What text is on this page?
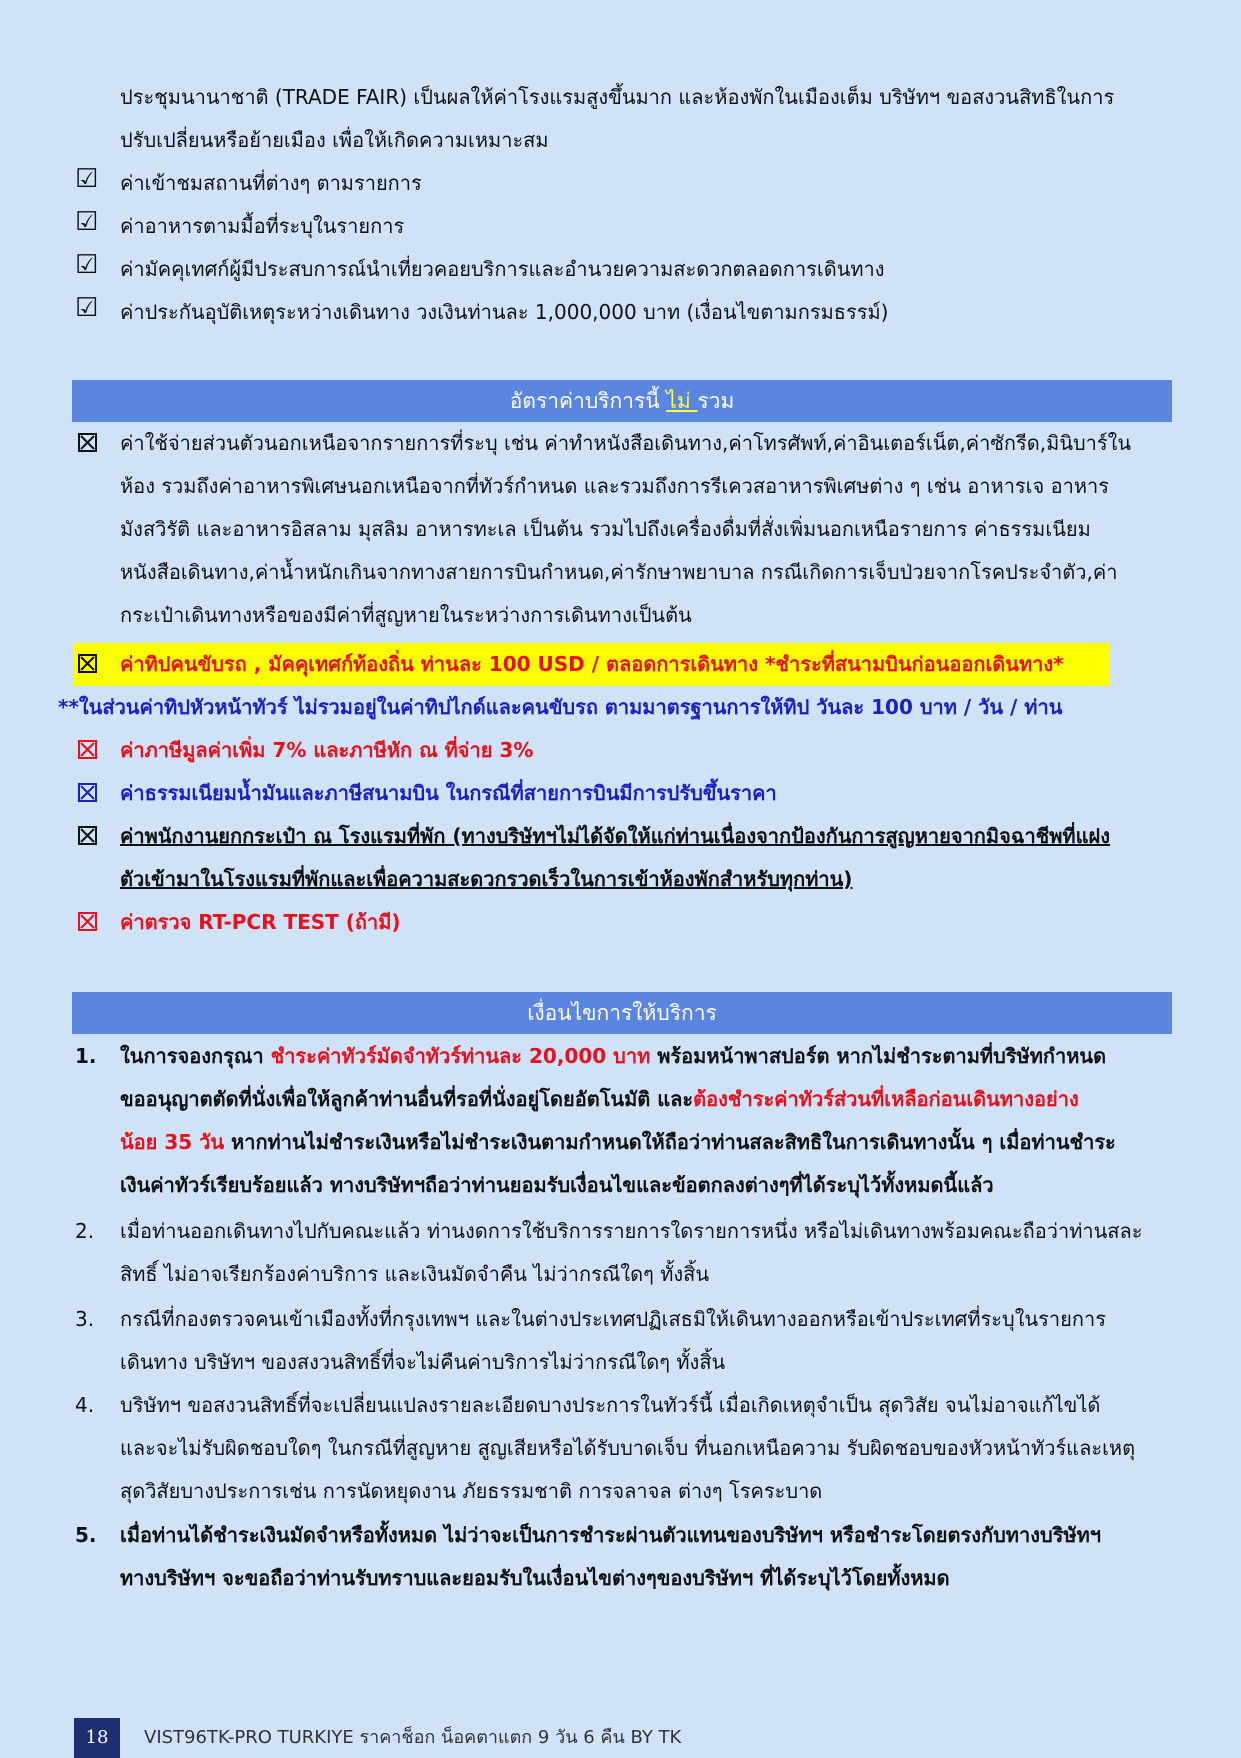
ประชุมนานาชาติ (TRADE FAIR) เป็นผลให้ค่าโรงแรมสูงขึ้นมาก และห้องพักในเมืองเต็ม บริษัทฯ ขอสงวนสิทธิในการ
ปรับเปลี่ยนหรือย้ายเมือง เพื่อให้เกิดความเหมาะสม
☑ ค่าเข้าชมสถานที่ต่างๆ ตามรายการ
☑ ค่าอาหารตามมื้อที่ระบุในรายการ
☑ ค่ามัคคุเทศก์ผู้มีประสบการณ์นำเที่ยวคอยบริการและอำนวยความสะดวกตลอดการเดินทาง
☑ ค่าประกันอุบัติเหตุระหว่างเดินทาง วงเงินท่านละ 1,000,000 บาท (เงื่อนไขตามกรมธรรม์)
อัตราค่าบริการนี้ ไม่ รวม
ค่าใช้จ่ายส่วนตัวนอกเหนือจากรายการที่ระบุ เช่น ค่าทำหนังสือเดินทาง,ค่าโทรศัพท์,ค่าอินเตอร์เน็ต,ค่าซักรีด,มินิบาร์ใน
ห้อง รวมถึงค่าอาหารพิเศษนอกเหนือจากที่ทัวร์กำหนด และรวมถึงการรีเควสอาหารพิเศษต่าง ๆ เช่น อาหารเจ อาหาร
มังสวิรัติ และอาหารอิสลาม มุสลิม อาหารทะเล เป็นต้น รวมไปถึงเครื่องดื่มที่สั่งเพิ่มนอกเหนือรายการ ค่าธรรมเนียม
หนังสือเดินทาง,ค่าน้ำหนักเกินจากทางสายการบินกำหนด,ค่ารักษาพยาบาล กรณีเกิดการเจ็บป่วยจากโรคประจำตัว,ค่า
กระเป๋าเดินทางหรือของมีค่าที่สูญหายในระหว่างการเดินทางเป็นต้น
ค่าทิปคนขับรถ , มัคคุเทศก์ท้องถิ่น ท่านละ 100 USD / ตลอดการเดินทาง *ชำระที่สนามบินก่อนออกเดินทาง*
**ในส่วนค่าทิปหัวหน้าทัวร์ ไม่รวมอยู่ในค่าทิปไกด์และคนขับรถ ตามมาตรฐานการให้ทิป วันละ 100 บาท / วัน / ท่าน
ค่าภาษีมูลค่าเพิ่ม 7% และภาษีหัก ณ ที่จ่าย 3%
ค่าธรรมเนียมน้ำมันและภาษีสนามบิน ในกรณีที่สายการบินมีการปรับขึ้นราคา
ค่าพนักงานยกกระเป๋า ณ โรงแรมที่พัก (ทางบริษัทฯไม่ได้จัดให้แก่ท่านเนื่องจากป้องกันการสูญหายจากมิจฉาชีพที่แฝง
ตัวเข้ามาในโรงแรมที่พักและเพื่อความสะดวกรวดเร็วในการเข้าห้องพักสำหรับทุกท่าน)
ค่าตรวจ RT-PCR TEST (ถ้ามี)
เงื่อนไขการให้บริการ
1. ในการจองกรุณา ชำระค่าทัวร์มัดจำทัวร์ท่านละ 20,000 บาท พร้อมหน้าพาสปอร์ต หากไม่ชำระตามที่บริษัทกำหนด
ขออนุญาตตัดที่นั่งเพื่อให้ลูกค้าท่านอื่นที่รอที่นั่งอยู่โดยอัตโนมัติ และต้องชำระค่าทัวร์ส่วนที่เหลือก่อนเดินทางอย่าง
น้อย 35 วัน หากท่านไม่ชำระเงินหรือไม่ชำระเงินตามกำหนดให้ถือว่าท่านสละสิทธิในการเดินทางนั้น ๆ เมื่อท่านชำระ
เงินค่าทัวร์เรียบร้อยแล้ว ทางบริษัทฯถือว่าท่านยอมรับเงื่อนไขและข้อตกลงต่างๆที่ได้ระบุไว้ทั้งหมดนี้แล้ว
2. เมื่อท่านออกเดินทางไปกับคณะแล้ว ท่านงดการใช้บริการรายการใดรายการหนึ่ง หรือไม่เดินทางพร้อมคณะถือว่าท่านสละ
สิทธิ์ ไม่อาจเรียกร้องค่าบริการ และเงินมัดจำคืน ไม่ว่ากรณีใดๆ ทั้งสิ้น
3. กรณีที่กองตรวจคนเข้าเมืองทั้งที่กรุงเทพฯ และในต่างประเทศปฏิเสธมิให้เดินทางออกหรือเข้าประเทศที่ระบุในรายการ
เดินทาง บริษัทฯ ของสงวนสิทธิ์ที่จะไม่คืนค่าบริการไม่ว่ากรณีใดๆ ทั้งสิ้น
4. บริษัทฯ ขอสงวนสิทธิ์ที่จะเปลี่ยนแปลงรายละเอียดบางประการในทัวร์นี้ เมื่อเกิดเหตุจำเป็น สุดวิสัย จนไม่อาจแก้ไขได้
และจะไม่รับผิดชอบใดๆ ในกรณีที่สูญหาย สูญเสียหรือได้รับบาดเจ็บ ที่นอกเหนือความ รับผิดชอบของหัวหน้าทัวร์และเหตุ
สุดวิสัยบางประการเช่น การนัดหยุดงาน ภัยธรรมชาติ การจลาจล ต่างๆ โรคระบาด
5. เมื่อท่านได้ชำระเงินมัดจำหรือทั้งหมด ไม่ว่าจะเป็นการชำระผ่านตัวแทนของบริษัทฯ หรือชำระโดยตรงกับทางบริษัทฯ
ทางบริษัทฯ จะขอถือว่าท่านรับทราบและยอมรับในเงื่อนไขต่างๆของบริษัทฯ ที่ได้ระบุไว้โดยทั้งหมด
18	VIST96TK-PRO TURKIYE ราคาช็อก น็อคตาแตก 9 วัน 6 คืน BY TK
